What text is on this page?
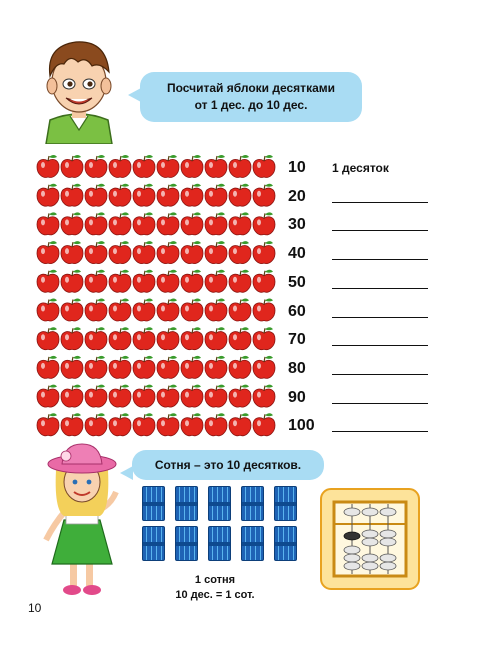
Посчитай яблоки десятками
от 1 дес. до 10 дес.
10	1 десяток
20
30
40
50
60
70
80
90
100
Сотня – это 10 десятков.
1 сотня
10 дес. = 1 сот.
10
